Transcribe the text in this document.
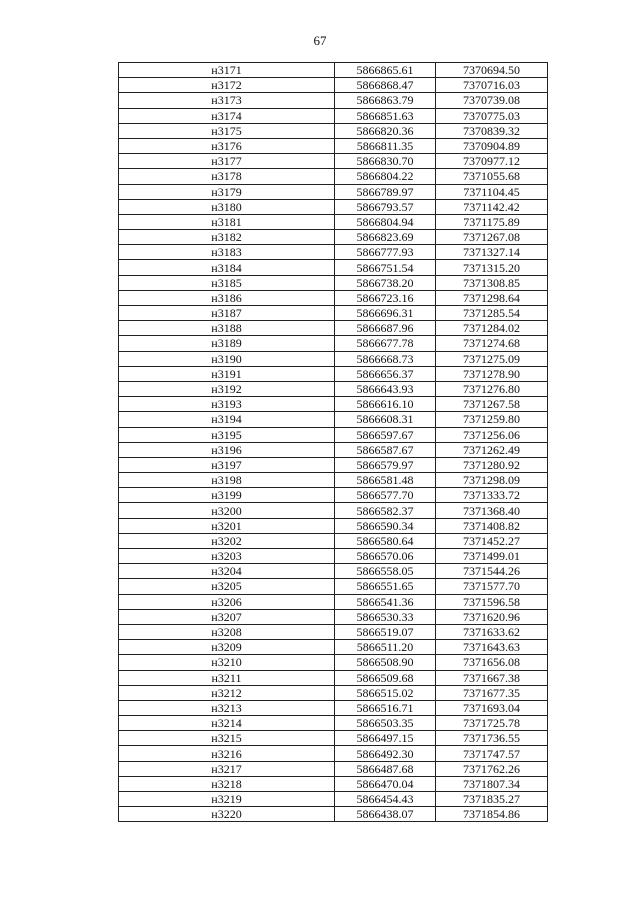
67
н3171	5866865.61	7370694.50
н3172	5866868.47	7370716.03
н3173	5866863.79	7370739.08
н3174	5866851.63	7370775.03
н3175	5866820.36	7370839.32
н3176	5866811.35	7370904.89
н3177	5866830.70	7370977.12
н3178	5866804.22	7371055.68
н3179	5866789.97	7371104.45
н3180	5866793.57	7371142.42
н3181	5866804.94	7371175.89
н3182	5866823.69	7371267.08
н3183	5866777.93	7371327.14
н3184	5866751.54	7371315.20
н3185	5866738.20	7371308.85
н3186	5866723.16	7371298.64
н3187	5866696.31	7371285.54
н3188	5866687.96	7371284.02
н3189	5866677.78	7371274.68
н3190	5866668.73	7371275.09
н3191	5866656.37	7371278.90
н3192	5866643.93	7371276.80
н3193	5866616.10	7371267.58
н3194	5866608.31	7371259.80
н3195	5866597.67	7371256.06
н3196	5866587.67	7371262.49
н3197	5866579.97	7371280.92
н3198	5866581.48	7371298.09
н3199	5866577.70	7371333.72
н3200	5866582.37	7371368.40
н3201	5866590.34	7371408.82
н3202	5866580.64	7371452.27
н3203	5866570.06	7371499.01
н3204	5866558.05	7371544.26
н3205	5866551.65	7371577.70
н3206	5866541.36	7371596.58
н3207	5866530.33	7371620.96
н3208	5866519.07	7371633.62
н3209	5866511.20	7371643.63
н3210	5866508.90	7371656.08
н3211	5866509.68	7371667.38
н3212	5866515.02	7371677.35
н3213	5866516.71	7371693.04
н3214	5866503.35	7371725.78
н3215	5866497.15	7371736.55
н3216	5866492.30	7371747.57
н3217	5866487.68	7371762.26
н3218	5866470.04	7371807.34
н3219	5866454.43	7371835.27
н3220	5866438.07	7371854.86
